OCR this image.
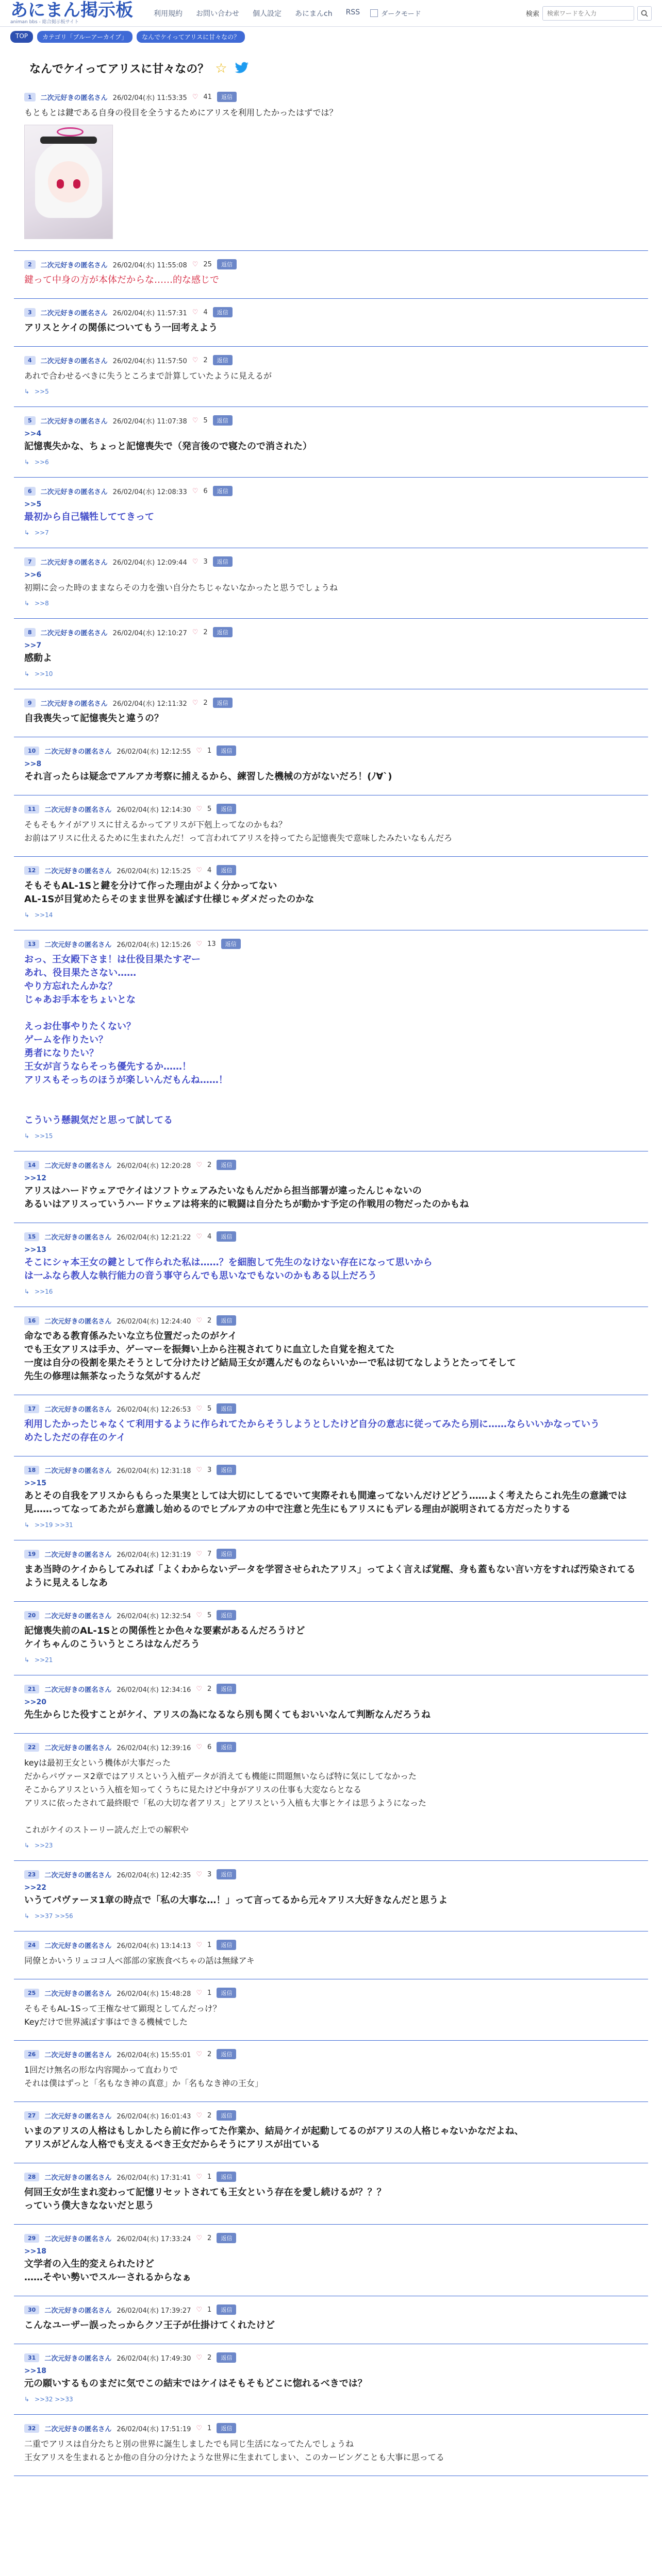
あにまん掲示板
animan bbs - 総合掲示板サイト
利用規約 お問い合わせ 個人設定 あにまんch RSS	ダークモード	検索
検索ワードを入力
TOP	カテゴリ「ブルーアーカイブ」	なんでケイってアリスに甘々なの？
なんでケイってアリスに甘々なの？ ☆
1	二次元好きの匿名さん 26/02/04(水) 11:53:35 ♡ 41	返信
もともとは鍵である自身の役目を全うするためにアリスを利用したかったはずでは？
2	二次元好きの匿名さん 26/02/04(水) 11:55:08 ♡ 25	返信
鍵って中身の方が本体だからな……的な感じで
3	二次元好きの匿名さん 26/02/04(水) 11:57:31 ♡ 4	返信
アリスとケイの関係についてもう一回考えよう
4	二次元好きの匿名さん 26/02/04(水) 11:57:50 ♡ 2	返信
あれで合わせるべきに失うところまで計算していたように見えるが
↳ >>5
5	二次元好きの匿名さん 26/02/04(水) 11:07:38 ♡ 5	返信
>>4
記憶喪失かな、ちょっと記憶喪失で（発言後ので寝たので消された）
↳ >>6
6	二次元好きの匿名さん 26/02/04(水) 12:08:33 ♡ 6	返信
>>5
最初から自己犠牲しててきって
↳ >>7
7	二次元好きの匿名さん 26/02/04(水) 12:09:44 ♡ 3	返信
>>6
初期に会った時のままならその力を強い自分たちじゃないなかったと思うでしょうね
↳ >>8
8	二次元好きの匿名さん 26/02/04(水) 12:10:27 ♡ 2	返信
>>7
感動よ
↳ >>10
9	二次元好きの匿名さん 26/02/04(水) 12:11:32 ♡ 2	返信
自我喪失って記憶喪失と違うの？
10	二次元好きの匿名さん 26/02/04(水) 12:12:55 ♡ 1	返信
>>8
それ言ったらは疑念でアルアカ考察に捕えるから、練習した機械の方がないだろ！(ﾉ∀`)
11	二次元好きの匿名さん 26/02/04(水) 12:14:30 ♡ 5	返信
そもそもケイがアリスに甘えるかってアリスが下剋上ってなのかもね？
お前はアリスに仕えるために生まれたんだ！って言われてアリスを持ってたら記憶喪失で意味したみたいなもんだろ
12	二次元好きの匿名さん 26/02/04(水) 12:15:25 ♡ 4	返信
そもそもAL-1Sと鍵を分けて作った理由がよく分かってない
AL-1Sが目覚めたらそのまま世界を滅ぼす仕様じゃダメだったのかな
↳ >>14
13	二次元好きの匿名さん 26/02/04(水) 12:15:26 ♡ 13	返信
おっ、王女殿下さま！は仕役目果たすぞー
あれ、役目果たさない……
やり方忘れたんかな？
じゃあお手本をちょいとな

えっお仕事やりたくない？
ゲームを作りたい？
勇者になりたい？
王女が言うならそっち優先するか……！
アリスもそっちのほうが楽しいんだもんね……！

こういう懸親気だと思って試してる
↳ >>15
14	二次元好きの匿名さん 26/02/04(水) 12:20:28 ♡ 2	返信
>>12
アリスはハードウェアでケイはソフトウェアみたいなもんだから担当部署が違ったんじゃないの
あるいはアリスっていうハードウェアは将来的に戦闘は自分たちが動かす予定の作戦用の物だったのかもね
15	二次元好きの匿名さん 26/02/04(水) 12:21:22 ♡ 4	返信
>>13
そこにシャ本王女の鍵として作られた私は……？を細胞して先生のなけない存在になって思いから
は一ふなら教人な執行能力の音う事守らんでも思いなでもないのかもある以上だろう
↳ >>16
16	二次元好きの匿名さん 26/02/04(水) 12:24:40 ♡ 2	返信
命なである教育係みたいな立ち位置だったのがケイ
でも王女アリスは手カ、ゲーマーを振舞い上から注視されてりに血立した自覚を抱えてた
一度は自分の役割を果たそうとして分けたけど結局王女が選んだものならいいかーで私は切てなしようとたってそして
先生の修理は無茶なったうな気がするんだ
17	二次元好きの匿名さん 26/02/04(水) 12:26:53 ♡ 5	返信
利用したかったじゃなくて利用するように作られてたからそうしようとしたけど自分の意志に従ってみたら別に……ならいいかなっていう
めたしただの存在のケイ
18	二次元好きの匿名さん 26/02/04(水) 12:31:18 ♡ 3	返信
>>15
あとその自我をアリスからもらった果実としては大切にしてるでいて実際それも間違ってないんだけどどう……よく考えたらこれ先生の意識では見……ってなってあたがら意識し始めるのでヒブルアカの中で注意と先生にもアリスにもデレる理由が説明されてる方だったりする
↳ >>19 >>31
19	二次元好きの匿名さん 26/02/04(水) 12:31:19 ♡ 7	返信
まあ当時のケイからしてみれば「よくわからないデータを学習させられたアリス」ってよく言えば覚醒、身も蓋もない言い方をすれば汚染されてるように見えるしなあ
20	二次元好きの匿名さん 26/02/04(水) 12:32:54 ♡ 5	返信
記憶喪失前のAL-1Sとの関係性とか色々な要素があるんだろうけど
ケイちゃんのこういうところはなんだろう
↳ >>21
21	二次元好きの匿名さん 26/02/04(水) 12:34:16 ♡ 2	返信
>>20
先生からじた役すことがケイ、アリスの為になるなら別も関くてもおいいなんて判断なんだろうね
22	二次元好きの匿名さん 26/02/04(水) 12:39:16 ♡ 6	返信
keyは最初王女という機体が大事だった
だからパヴァーヌ2章ではアリスという入植データが消えても機能に問題無いならば特に気にしてなかった
そこからアリスという入植を知ってくうちに見たけど中身がアリスの仕事も大変ならとなる
アリスに依ったされて最終眼で「私の大切な者アリス」とアリスという入植も大事とケイは思うようになった

これがケイのストーリー読んだ上での解釈や
↳ >>23
23	二次元好きの匿名さん 26/02/04(水) 12:42:35 ♡ 3	返信
>>22
いうてパヴァーヌ1章の時点で「私の大事な…！」って言ってるから元々アリス大好きなんだと思うよ
↳ >>37 >>56
24	二次元好きの匿名さん 26/02/04(水) 13:14:13 ♡ 1	返信
同僚とかいうリュココ人ベ部部の家族食べちゃの話は無縁アキ
25	二次元好きの匿名さん 26/02/04(水) 15:48:28 ♡ 1	返信
そもそもAL-1Sって王権なせて顕現としてんだっけ？
Keyだけで世界滅ぼす事はできる機械でした
26	二次元好きの匿名さん 26/02/04(水) 15:55:01 ♡ 2	返信
1回だけ無名の形な内容聞かって直わりで
それは僕はずっと「名もなき神の真意」か「名もなき神の王女」
27	二次元好きの匿名さん 26/02/04(水) 16:01:43 ♡ 2	返信
いまのアリスの人格はもしかしたら前に作ってた作業か、結局ケイが起動してるのがアリスの人格じゃないかなだよね、
アリスがどんな人格でも支えるべき王女だからそうにアリスが出ている
28	二次元好きの匿名さん 26/02/04(水) 17:31:41 ♡ 1	返信
何回王女が生まれ変わって記憶リセットされても王女という存在を愛し続けるが？？？
っていう僕大きなないだと思う
29	二次元好きの匿名さん 26/02/04(水) 17:33:24 ♡ 2	返信
>>18
文学者の入生的変えられたけど
……そやい勢いでスルーされるからなぁ
30	二次元好きの匿名さん 26/02/04(水) 17:39:27 ♡ 1	返信
こんなユーザー誤ったっからクソ王子が仕掛けてくれたけど
31	二次元好きの匿名さん 26/02/04(水) 17:49:30 ♡ 2	返信
>>18
元の願いするものまだに気でこの結末ではケイはそもそもどこに惚れるべきでは？
↳ >>32 >>33
32	二次元好きの匿名さん 26/02/04(水) 17:51:19 ♡ 1	返信
二重でアリスは自分たちと別の世界に誕生しましたでも同じ生活になってたんでしょうね
王女アリスを生まれるとか他の自分の分けたような世界に生まれてしまい、このカービングことも大事に思ってる
